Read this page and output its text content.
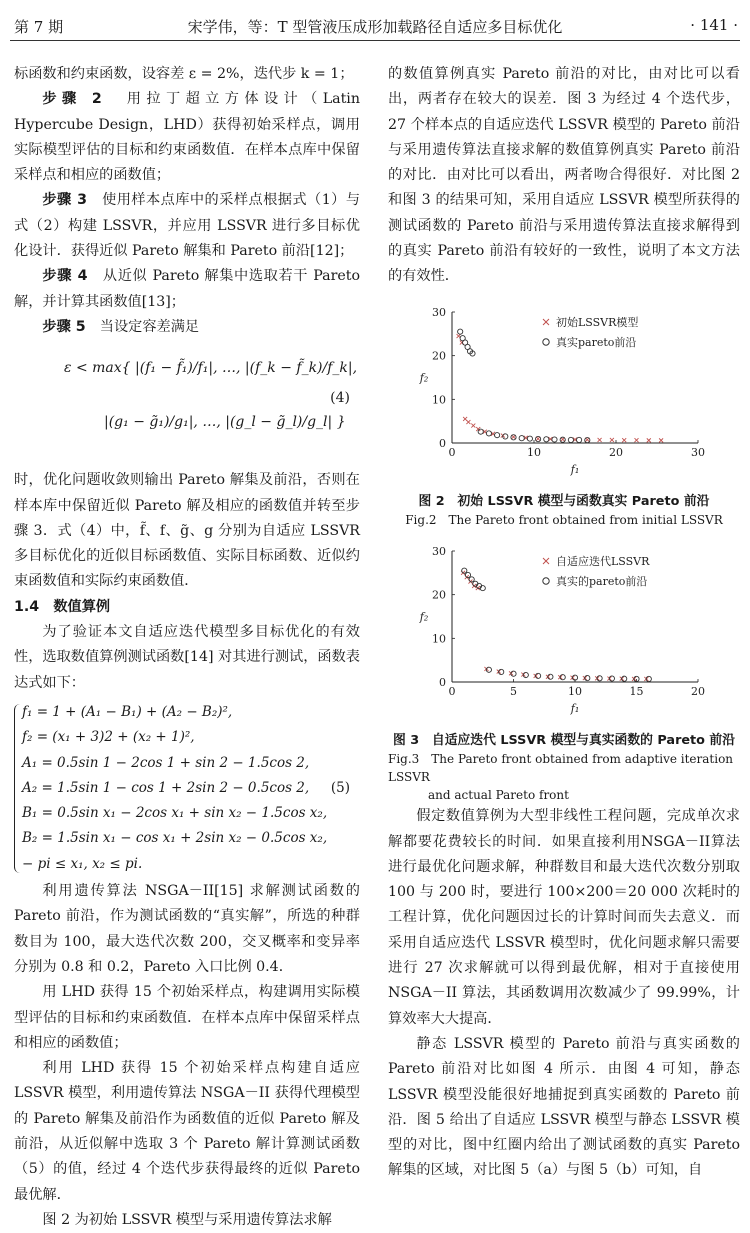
第 7 期	宋学伟，等：T 型管液压成形加载路径自适应多目标优化	· 141 ·

标函数和约束函数，设容差 ε = 2%，迭代步 k = 1；

步骤 2　 用拉丁超立方体设计（Latin Hypercube Design，LHD）获得初始采样点，调用实际模型评估的目标和约束函数值．在样本点库中保留采样点和相应的函数值；

步骤 3　 使用样本点库中的采样点根据式（1）与式（2）构建 LSSVR，并应用 LSSVR 进行多目标优化设计．获得近似 Pareto 解集和 Pareto 前沿[12]；

步骤 4　 从近似 Pareto 解集中选取若干 Pareto 解，并计算其函数值[13]；

步骤 5　 当设定容差满足

ε < max{ |(f₁ − f̃₁)/f₁|, …, |(f_k − f̃_k)/f_k|,
|(g₁ − g̃₁)/g₁|, …, |(g_l − g̃_l)/g_l| }
(4)

时，优化问题收敛则输出 Pareto 解集及前沿，否则在样本库中保留近似 Pareto 解及相应的函数值并转至步骤 3．式（4）中，f̃、f、g̃、g 分别为自适应 LSSVR 多目标优化的近似目标函数值、实际目标函数、近似约束函数值和实际约束函数值．

1.4　数值算例

为了验证本文自适应迭代模型多目标优化的有效性，选取数值算例测试函数[14] 对其进行测试，函数表达式如下：

f₁ = 1 + (A₁ − B₁) + (A₂ − B₂)²,
f₂ = (x₁ + 3)2 + (x₂ + 1)²,
A₁ = 0.5sin 1 − 2cos 1 + sin 2 − 1.5cos 2,
A₂ = 1.5sin 1 − cos 1 + 2sin 2 − 0.5cos 2,
B₁ = 0.5sin x₁ − 2cos x₁ + sin x₂ − 1.5cos x₂,
B₂ = 1.5sin x₁ − cos x₁ + 2sin x₂ − 0.5cos x₂,
− pi ≤ x₁, x₂ ≤ pi.
(5)

利用遗传算法 NSGA－II[15] 求解测试函数的 Pareto 前沿，作为测试函数的“真实解”，所选的种群数目为 100，最大迭代次数 200，交叉概率和变异率分别为 0.8 和 0.2，Pareto 入口比例 0.4．

用 LHD 获得 15 个初始采样点，构建调用实际模型评估的目标和约束函数值．在样本点库中保留采样点和相应的函数值；

利用 LHD 获得 15 个初始采样点构建自适应 LSSVR 模型，利用遗传算法 NSGA－II 获得代理模型的 Pareto 解集及前沿作为函数值的近似 Pareto 解及前沿，从近似解中选取 3 个 Pareto 解计算测试函数（5）的值，经过 4 个迭代步获得最终的近似 Pareto 最优解．

图 2 为初始 LSSVR 模型与采用遗传算法求解

的数值算例真实 Pareto 前沿的对比，由对比可以看出，两者存在较大的误差．图 3 为经过 4 个迭代步，27 个样本点的自适应迭代 LSSVR 模型的 Pareto 前沿与采用遗传算法直接求解的数值算例真实 Pareto 前沿的对比．由对比可以看出，两者吻合得很好．对比图 2 和图 3 的结果可知，采用自适应 LSSVR 模型所获得的测试函数的 Pareto 前沿与采用遗传算法直接求解得到的真实 Pareto 前沿有较好的一致性，说明了本文方法的有效性．

0	10	20	30
0
10
20
30
f₁
f₂
初始LSSVR模型
真实pareto前沿
图 2　初始 LSSVR 模型与函数真实 Pareto 前沿
Fig.2　The Pareto front obtained from initial LSSVR
0	5	10	15	20
0
10
20
30
f₁
f₂
自适应迭代LSSVR
真实的pareto前沿
图 3　自适应迭代 LSSVR 模型与真实函数的 Pareto 前沿
Fig.3　The Pareto front obtained from adaptive iteration LSSVR
and actual Pareto front

假定数值算例为大型非线性工程问题，完成单次求解都要花费较长的时间．如果直接利用NSGA－II算法进行最优化问题求解，种群数目和最大迭代次数分别取 100 与 200 时，要进行 100×200＝20 000 次耗时的工程计算，优化问题因过长的计算时间而失去意义．而采用自适应迭代 LSSVR 模型时，优化问题求解只需要进行 27 次求解就可以得到最优解，相对于直接使用 NSGA－II 算法，其函数调用次数减少了 99.99%，计算效率大大提高．

静态 LSSVR 模型的 Pareto 前沿与真实函数的 Pareto 前沿对比如图 4 所示．由图 4 可知，静态 LSSVR 模型没能很好地捕捉到真实函数的 Pareto 前沿．图 5 给出了自适应 LSSVR 模型与静态 LSSVR 模型的对比，图中红圈内给出了测试函数的真实 Pareto 解集的区域，对比图 5（a）与图 5（b）可知，自
